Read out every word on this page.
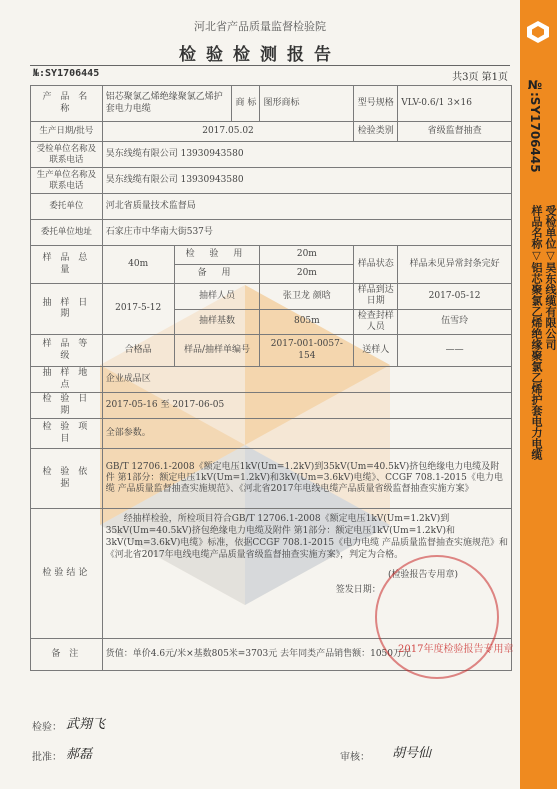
河北省产品质量监督检验院
检验检测报告
№:SY1706445	共3页 第1页
产 品 名 称	铝芯聚氯乙烯绝缘聚氯乙烯护套电力电缆		商 标	图形商标	型号规格	VLV-0.6/1 3×16
生产日期/批号	2017.05.02				检验类别	省级监督抽查
受检单位名称及联系电话	昊东线缆有限公司 13930943580					
生产单位名称及联系电话	昊东线缆有限公司 13930943580					
委托单位	河北省质量技术监督局					
委托单位地址	石家庄市中华南大街537号					
样 品 总 量	40m	检 验 用		20m	样品状态	样品未见异常封条完好
		备 用		20m		
抽 样 日 期	2017-5-12	抽样人员		张卫龙 颜晗	样品到达日期	2017-05-12
		抽样基数		805m	检查封样人员	伍雪玲
样 品 等 级	合格品	样品/抽样单编号		2017-001-0057-154	送样人	——
抽 样 地 点	企业成品区					
检 验 日 期	2017-05-16 至 2017-06-05					
检 验 项 目	全部参数。					
检 验 依 据	GB/T 12706.1-2008《额定电压1kV(Um=1.2kV)到35kV(Um=40.5kV)挤包绝缘电力电缆及附件 第1部分：额定电压1kV(Um=1.2kV)和3kV(Um=3.6kV)电缆》、CCGF 708.1-2015《电力电缆 产品质量监督抽查实施规范》、《河北省2017年电线电缆产品质量省级监督抽查实施方案》					
检验结论	经抽样检验，所检项目符合GB/T 12706.1-2008《额定电压1kV(Um=1.2kV)到35kV(Um=40.5kV)挤包绝缘电力电缆及附件 第1部分：额定电压1kV(Um=1.2kV)和3kV(Um=3.6kV)电缆》标准，依据CCGF 708.1-2015《电力电缆 产品质量监督抽查实施规范》和《河北省2017年电线电缆产品质量省级监督抽查实施方案》，判定为合格。
(检验报告专用章)
签发日期：					

备 注	货值：单价4.6元/米×基数805米=3703元 去年同类产品销售额：1050万元					
2017年度检验报告专用章
检验： 武翔飞
批准： 郝磊	审核： 胡号仙
№:SY1706445
受检单位▽昊东线缆有限公司
样品名称▽铝芯聚氯乙烯绝缘聚氯乙烯护套电力电缆
